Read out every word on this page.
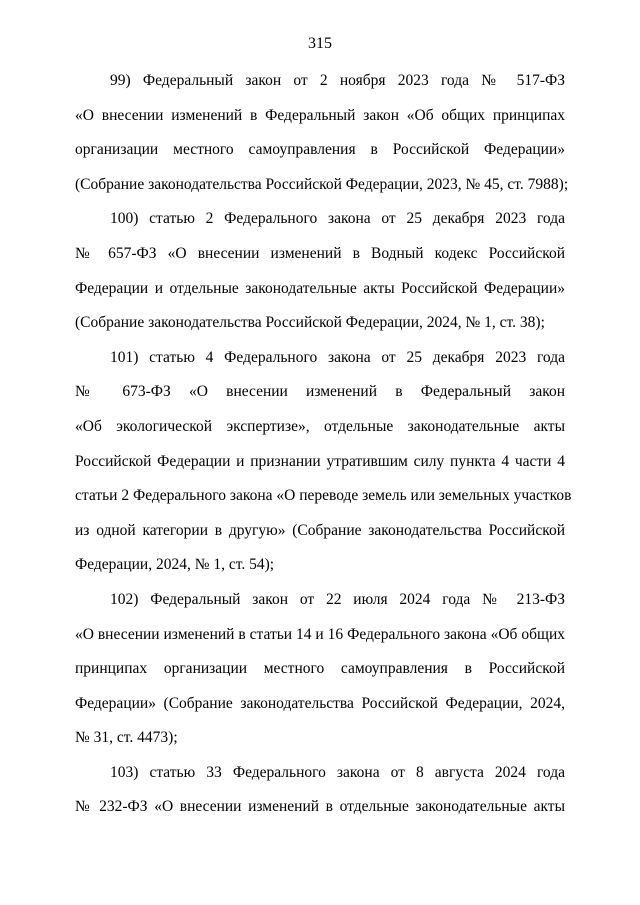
315
99) Федеральный закон от 2 ноября 2023 года № 517-ФЗ
«О внесении изменений в Федеральный закон «Об общих принципах
организации местного самоуправления в Российской Федерации»
(Собрание законодательства Российской Федерации, 2023, № 45, ст. 7988);
100) статью 2 Федерального закона от 25 декабря 2023 года
№ 657-ФЗ «О внесении изменений в Водный кодекс Российской
Федерации и отдельные законодательные акты Российской Федерации»
(Собрание законодательства Российской Федерации, 2024, № 1, ст. 38);
101) статью 4 Федерального закона от 25 декабря 2023 года
№ 673-ФЗ «О внесении изменений в Федеральный закон
«Об экологической экспертизе», отдельные законодательные акты
Российской Федерации и признании утратившим силу пункта 4 части 4
статьи 2 Федерального закона «О переводе земель или земельных участков
из одной категории в другую» (Собрание законодательства Российской
Федерации, 2024, № 1, ст. 54);
102) Федеральный закон от 22 июля 2024 года № 213-ФЗ
«О внесении изменений в статьи 14 и 16 Федерального закона «Об общих
принципах организации местного самоуправления в Российской
Федерации» (Собрание законодательства Российской Федерации, 2024,
№ 31, ст. 4473);
103) статью 33 Федерального закона от 8 августа 2024 года
№ 232-ФЗ «О внесении изменений в отдельные законодательные акты
